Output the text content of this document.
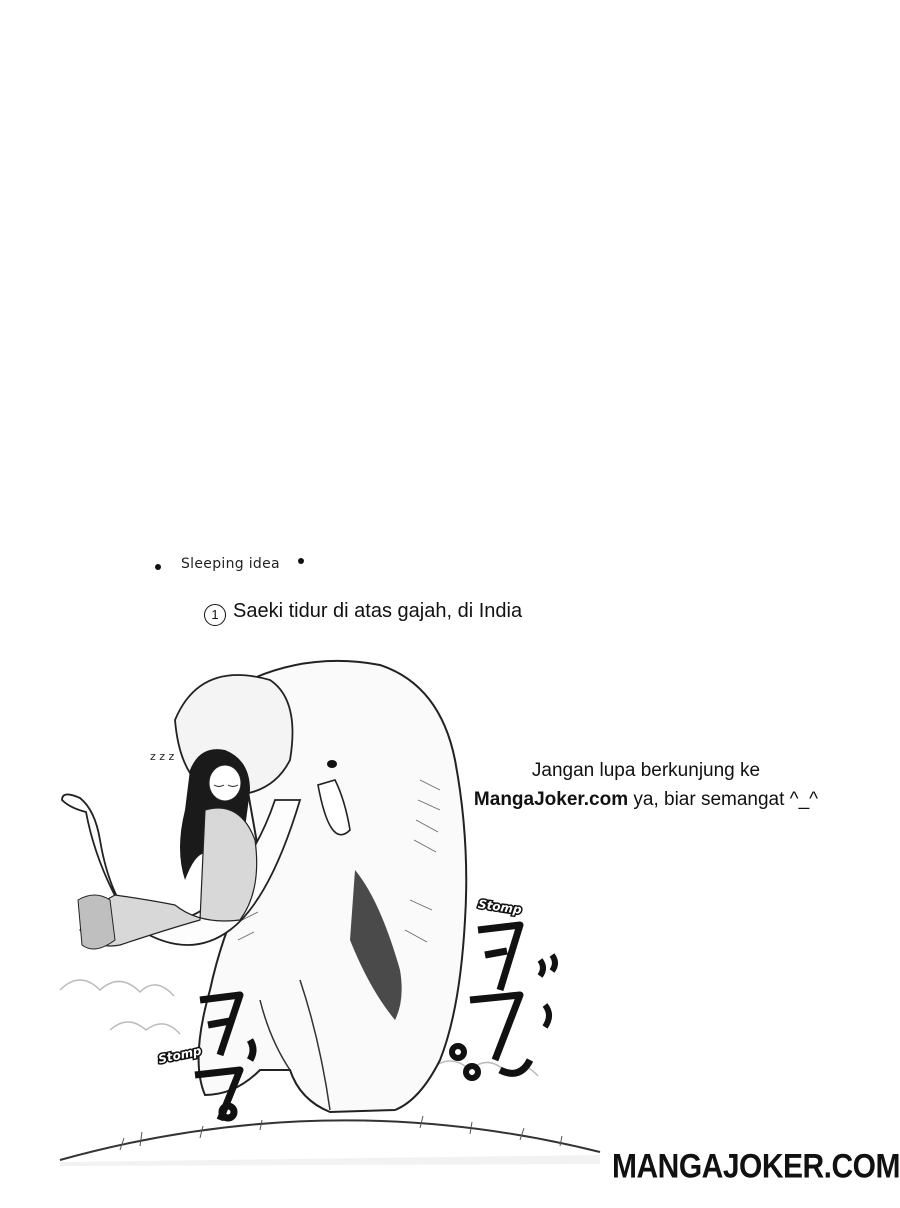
Sleeping idea
1 Saeki tidur di atas gajah, di India
z z z
Stomp
Stomp
Jangan lupa berkunjung ke
MangaJoker.com ya, biar semangat ^_^
MANGAJOKER.COM
